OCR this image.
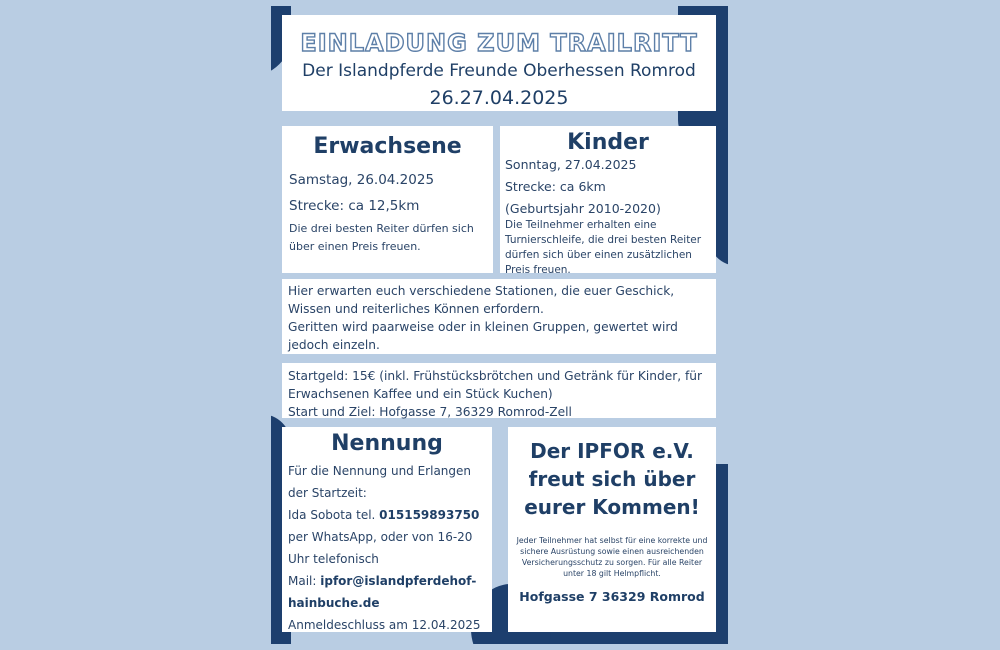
EINLADUNG ZUM TRAILRITT
Der Islandpferde Freunde Oberhessen Romrod
26.27.04.2025
Erwachsene
Samstag, 26.04.2025
Strecke: ca 12,5km
Die drei besten Reiter dürfen sich über einen Preis freuen.
Kinder
Sonntag, 27.04.2025
Strecke: ca 6km
(Geburtsjahr 2010-2020)
Die Teilnehmer erhalten eine Turnierschleife, die drei besten Reiter dürfen sich über einen zusätzlichen Preis freuen.

Hier erwarten euch verschiedene Stationen, die euer Geschick, Wissen und reiterliches Können erfordern.

Geritten wird paarweise oder in kleinen Gruppen, gewertet wird jedoch einzeln.

Startgeld: 15€ (inkl. Frühstücksbrötchen und Getränk für Kinder, für Erwachsenen Kaffee und ein Stück Kuchen)

Start und Ziel: Hofgasse 7, 36329 Romrod-Zell

Nennung

Für die Nennung und Erlangen der Startzeit:

Ida Sobota tel. 015159893750

per WhatsApp, oder von 16-20 Uhr telefonisch

Mail: ipfor@islandpferdehof-hainbuche.de

Anmeldeschluss am 12.04.2025

Der IPFOR e.V. freut sich über eurer Kommen!
Jeder Teilnehmer hat selbst für eine korrekte und sichere Ausrüstung sowie einen ausreichenden Versicherungsschutz zu sorgen. Für alle Reiter unter 18 gilt Helmpflicht.
Hofgasse 7 36329 Romrod
